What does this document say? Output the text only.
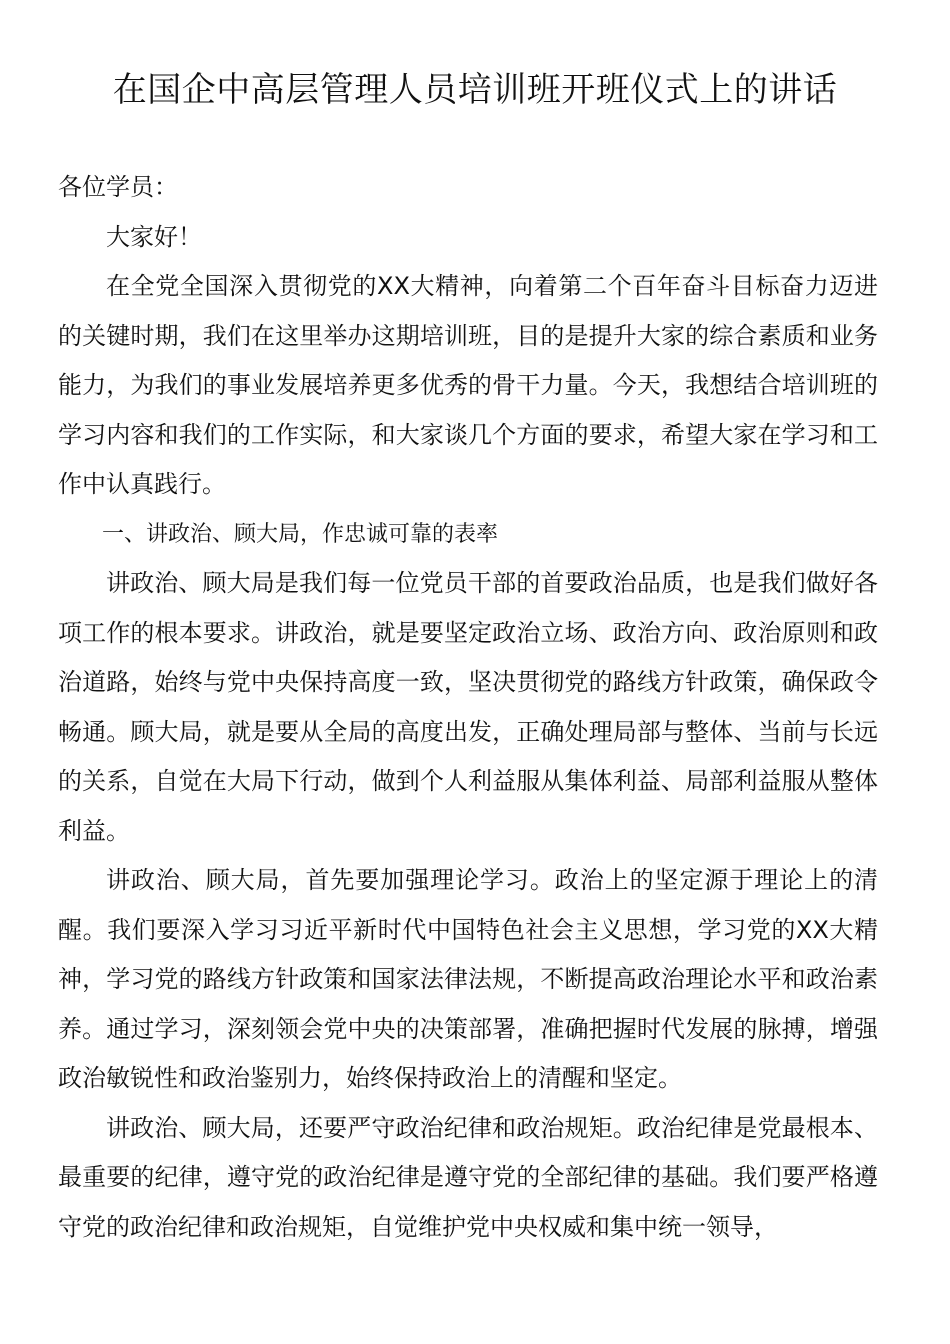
在国企中高层管理人员培训班开班仪式上的讲话

各位学员：

大家好！

在全党全国深入贯彻党的XX大精神，向着第二个百年奋斗目标奋力迈进的关键时期，我们在这里举办这期培训班，目的是提升大家的综合素质和业务能力，为我们的事业发展培养更多优秀的骨干力量。今天，我想结合培训班的学习内容和我们的工作实际，和大家谈几个方面的要求，希望大家在学习和工作中认真践行。

一、讲政治、顾大局，作忠诚可靠的表率

讲政治、顾大局是我们每一位党员干部的首要政治品质，也是我们做好各项工作的根本要求。讲政治，就是要坚定政治立场、政治方向、政治原则和政治道路，始终与党中央保持高度一致，坚决贯彻党的路线方针政策，确保政令畅通。顾大局，就是要从全局的高度出发，正确处理局部与整体、当前与长远的关系，自觉在大局下行动，做到个人利益服从集体利益、局部利益服从整体利益。

讲政治、顾大局，首先要加强理论学习。政治上的坚定源于理论上的清醒。我们要深入学习习近平新时代中国特色社会主义思想，学习党的XX大精神，学习党的路线方针政策和国家法律法规，不断提高政治理论水平和政治素养。通过学习，深刻领会党中央的决策部署，准确把握时代发展的脉搏，增强政治敏锐性和政治鉴别力，始终保持政治上的清醒和坚定。

讲政治、顾大局，还要严守政治纪律和政治规矩。政治纪律是党最根本、最重要的纪律，遵守党的政治纪律是遵守党的全部纪律的基础。我们要严格遵守党的政治纪律和政治规矩，自觉维护党中央权威和集中统一领导，
